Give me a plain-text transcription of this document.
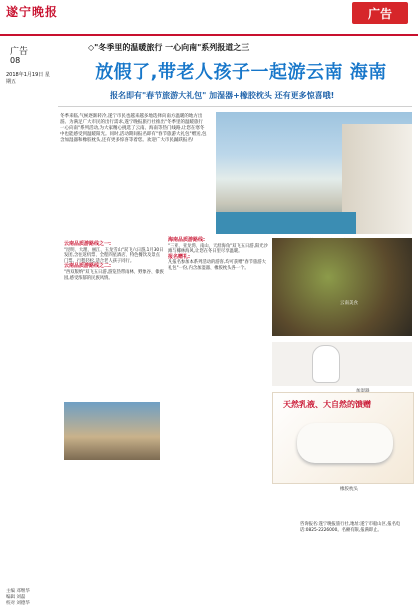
遂宁晚报	广告
广告
08
2018年1月19日 星期五
主编 邓继华
编辑 刘磊
校对 刘德华
◇"冬季里的温暖旅行 一心向南"系列报道之三
放假了,带老人孩子一起游云南 海南
报名即有"春节旅游大礼包" 加湿器+橡胶枕头 还有更多惊喜哦!
冬季来临,气候逐渐转冷,遂宁市民也越来越多地选择向南方温暖的地方出游。为满足广大市民的出行需求,遂宁晚报旅行社推出"冬季里的温暖旅行 一心向南"系列活动,为大家精心挑选了云南、海南等热门线路,让您在寒冬中也能感受到温暖阳光。同时,活动期间报名即有"春节旅游大礼包"赠送,包含加湿器和橡胶枕头,还有更多惊喜等着您。欢迎广大市民踊跃报名!
云南品质游路线之一:
"昆明、大理、丽江、玉龙雪山"双飞六日游,1月30日发团,含往返机票、全程四星酒店、特色餐饮及景点门票。行程轻松,适合老人孩子同行。
云南品质游路线之二:
"西双版纳"双飞五日游,游览热带雨林、野象谷、傣族园,感受浓郁的民族风情。
海南品质游路线:
"三亚、亚龙湾、南山、天涯海角"双飞五日游,阳光沙滩与椰林海风,让您在冬日里尽享温暖。
报名赠礼:
凡报名参加本系列活动的游客,均可获赠"春节旅游大礼包"一份,内含加湿器、橡胶枕头各一个。
云南美食
天然乳液、大自然的馈赠
橡胶枕头
咨询报名:遂宁晚报旅行社,地址:遂宁市船山区,报名电话:0825-2226000。名额有限,报满即止。
